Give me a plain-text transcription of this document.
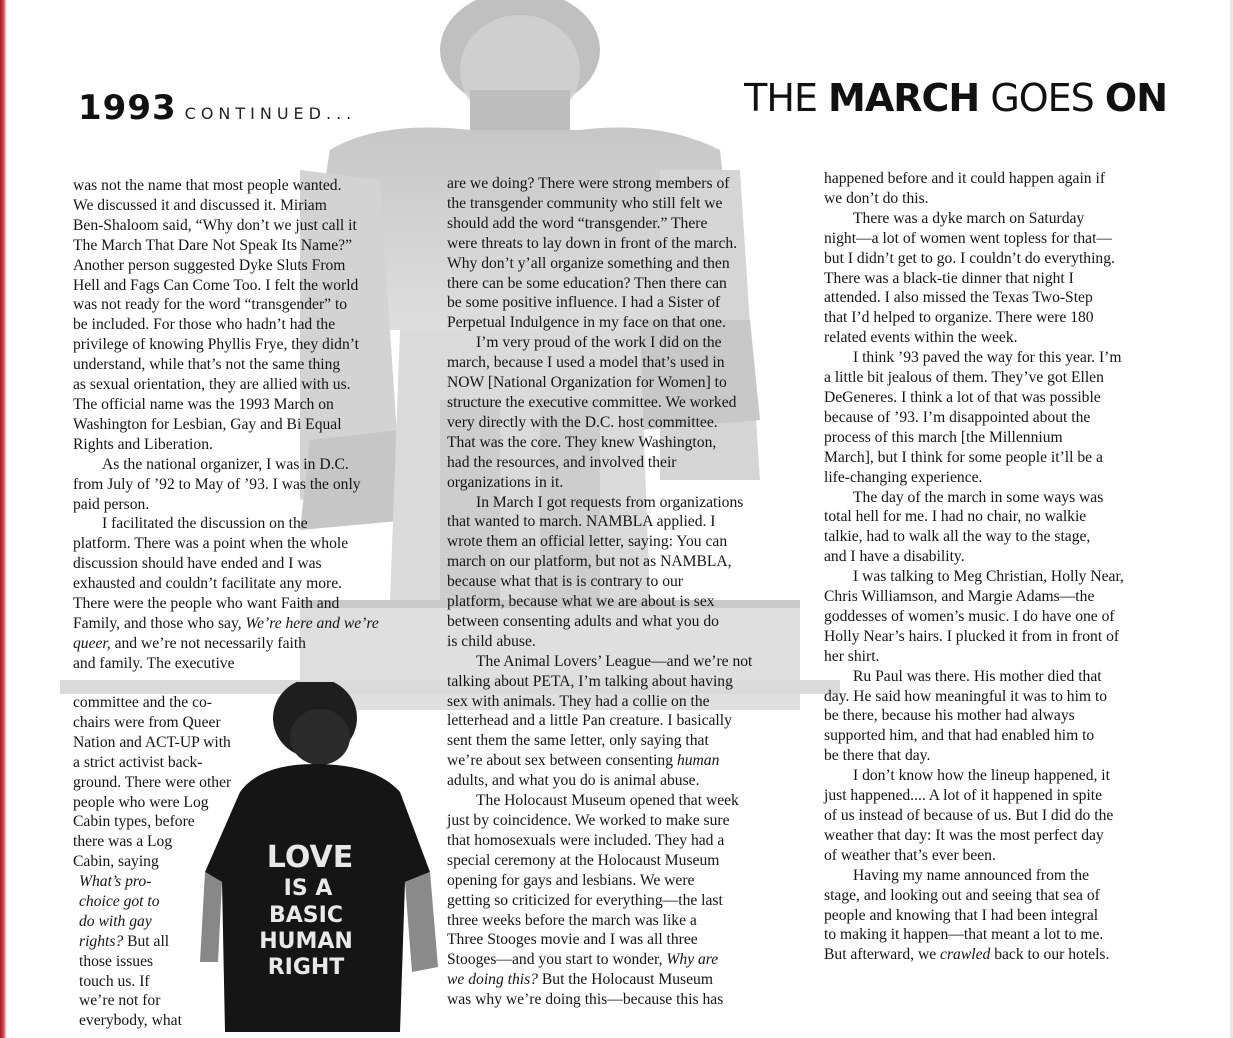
1993 CONTINUED...	THE MARCH GOES ON
LOVE
IS A
BASIC
HUMAN
RIGHT

was not the name that most people wanted.
We discussed it and discussed it. Miriam
Ben-Shaloom said, “Why don’t we just call it
The March That Dare Not Speak Its Name?”
Another person suggested Dyke Sluts From
Hell and Fags Can Come Too. I felt the world
was not ready for the word “transgender” to
be included. For those who hadn’t had the
privilege of knowing Phyllis Frye, they didn’t
understand, while that’s not the same thing
as sexual orientation, they are allied with us.
The official name was the 1993 March on
Washington for Lesbian, Gay and Bi Equal
Rights and Liberation.

As the national organizer, I was in D.C.
from July of ’92 to May of ’93. I was the only
paid person.

I facilitated the discussion on the
platform. There was a point when the whole
discussion should have ended and I was
exhausted and couldn’t facilitate any more.
There were the people who want Faith and
Family, and those who say, We’re here and we’re queer, and we’re not necessarily faith
and family. The executive

committee and the co-
chairs were from Queer
Nation and ACT-UP with
a strict activist back-
ground. There were other
people who were Log
Cabin types, before
there was a Log
Cabin, saying
What’s pro-
choice got to
do with gay
rights? But all
those issues
touch us. If
we’re not for
everybody, what

are we doing? There were strong members of
the transgender community who still felt we
should add the word “transgender.” There
were threats to lay down in front of the march.
Why don’t y’all organize something and then
there can be some education? Then there can
be some positive influence. I had a Sister of
Perpetual Indulgence in my face on that one.

I’m very proud of the work I did on the
march, because I used a model that’s used in
NOW [National Organization for Women] to
structure the executive committee. We worked
very directly with the D.C. host committee.
That was the core. They knew Washington,
had the resources, and involved their
organizations in it.

In March I got requests from organizations
that wanted to march. NAMBLA applied. I
wrote them an official letter, saying: You can
march on our platform, but not as NAMBLA,
because what that is is contrary to our
platform, because what we are about is sex
between consenting adults and what you do
is child abuse.

The Animal Lovers’ League—and we’re not
talking about PETA, I’m talking about having
sex with animals. They had a collie on the
letterhead and a little Pan creature. I basically
sent them the same letter, only saying that
we’re about sex between consenting human
adults, and what you do is animal abuse.

The Holocaust Museum opened that week
just by coincidence. We worked to make sure
that homosexuals were included. They had a
special ceremony at the Holocaust Museum
opening for gays and lesbians. We were
getting so criticized for everything—the last
three weeks before the march was like a
Three Stooges movie and I was all three
Stooges—and you start to wonder, Why are
we doing this? But the Holocaust Museum
was why we’re doing this—because this has

happened before and it could happen again if
we don’t do this.

There was a dyke march on Saturday
night—a lot of women went topless for that—
but I didn’t get to go. I couldn’t do everything.
There was a black-tie dinner that night I
attended. I also missed the Texas Two-Step
that I’d helped to organize. There were 180
related events within the week.

I think ’93 paved the way for this year. I’m
a little bit jealous of them. They’ve got Ellen
DeGeneres. I think a lot of that was possible
because of ’93. I’m disappointed about the
process of this march [the Millennium
March], but I think for some people it’ll be a
life-changing experience.

The day of the march in some ways was
total hell for me. I had no chair, no walkie
talkie, had to walk all the way to the stage,
and I have a disability.

I was talking to Meg Christian, Holly Near,
Chris Williamson, and Margie Adams—the
goddesses of women’s music. I do have one of
Holly Near’s hairs. I plucked it from in front of
her shirt.

Ru Paul was there. His mother died that
day. He said how meaningful it was to him to
be there, because his mother had always
supported him, and that had enabled him to
be there that day.

I don’t know how the lineup happened, it
just happened.... A lot of it happened in spite
of us instead of because of us. But I did do the
weather that day: It was the most perfect day
of weather that’s ever been.

Having my name announced from the
stage, and looking out and seeing that sea of
people and knowing that I had been integral
to making it happen—that meant a lot to me.
But afterward, we crawled back to our hotels.
